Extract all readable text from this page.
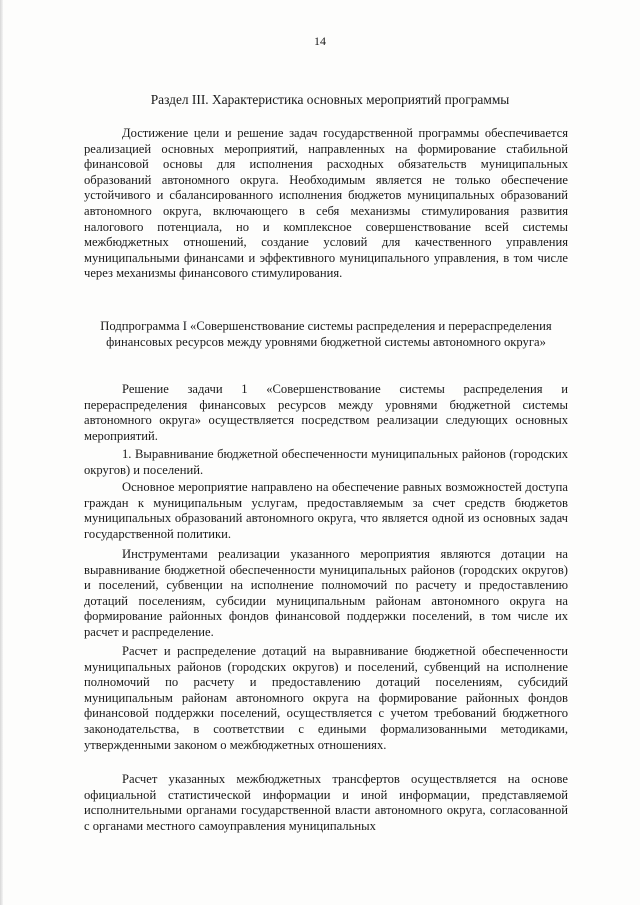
14
Раздел III. Характеристика основных мероприятий программы

Достижение цели и решение задач государственной программы обеспечивается реализацией основных мероприятий, направленных на формирование стабильной финансовой основы для исполнения расходных обязательств муниципальных образований автономного округа. Необходимым является не только обеспечение устойчивого и сбалансированного исполнения бюджетов муниципальных образований автономного округа, включающего в себя механизмы стимулирования развития налогового потенциала, но и комплексное совершенствование всей системы межбюджетных отношений, создание условий для качественного управления муниципальными финансами и эффективного муниципального управления, в том числе через механизмы финансового стимулирования.

Подпрограмма I «Совершенствование системы распределения и перераспределения финансовых ресурсов между уровнями бюджетной системы автономного округа»

Решение задачи 1 «Совершенствование системы распределения и перераспределения финансовых ресурсов между уровнями бюджетной системы автономного округа» осуществляется посредством реализации следующих основных мероприятий.

1. Выравнивание бюджетной обеспеченности муниципальных районов (городских округов) и поселений.

Основное мероприятие направлено на обеспечение равных возможностей доступа граждан к муниципальным услугам, предоставляемым за счет средств бюджетов муниципальных образований автономного округа, что является одной из основных задач государственной политики.

Инструментами реализации указанного мероприятия являются дотации на выравнивание бюджетной обеспеченности муниципальных районов (городских округов) и поселений, субвенции на исполнение полномочий по расчету и предоставлению дотаций поселениям, субсидии муниципальным районам автономного округа на формирование районных фондов финансовой поддержки поселений, в том числе их расчет и распределение.

Расчет и распределение дотаций на выравнивание бюджетной обеспеченности муниципальных районов (городских округов) и поселений, субвенций на исполнение полномочий по расчету и предоставлению дотаций поселениям, субсидий муниципальным районам автономного округа на формирование районных фондов финансовой поддержки поселений, осуществляется с учетом требований бюджетного законодательства, в соответствии с едиными формализованными методиками, утвержденными законом о межбюджетных отношениях.

Расчет указанных межбюджетных трансфертов осуществляется на основе официальной статистической информации и иной информации, представляемой исполнительными органами государственной власти автономного округа, согласованной с органами местного самоуправления муниципальных
